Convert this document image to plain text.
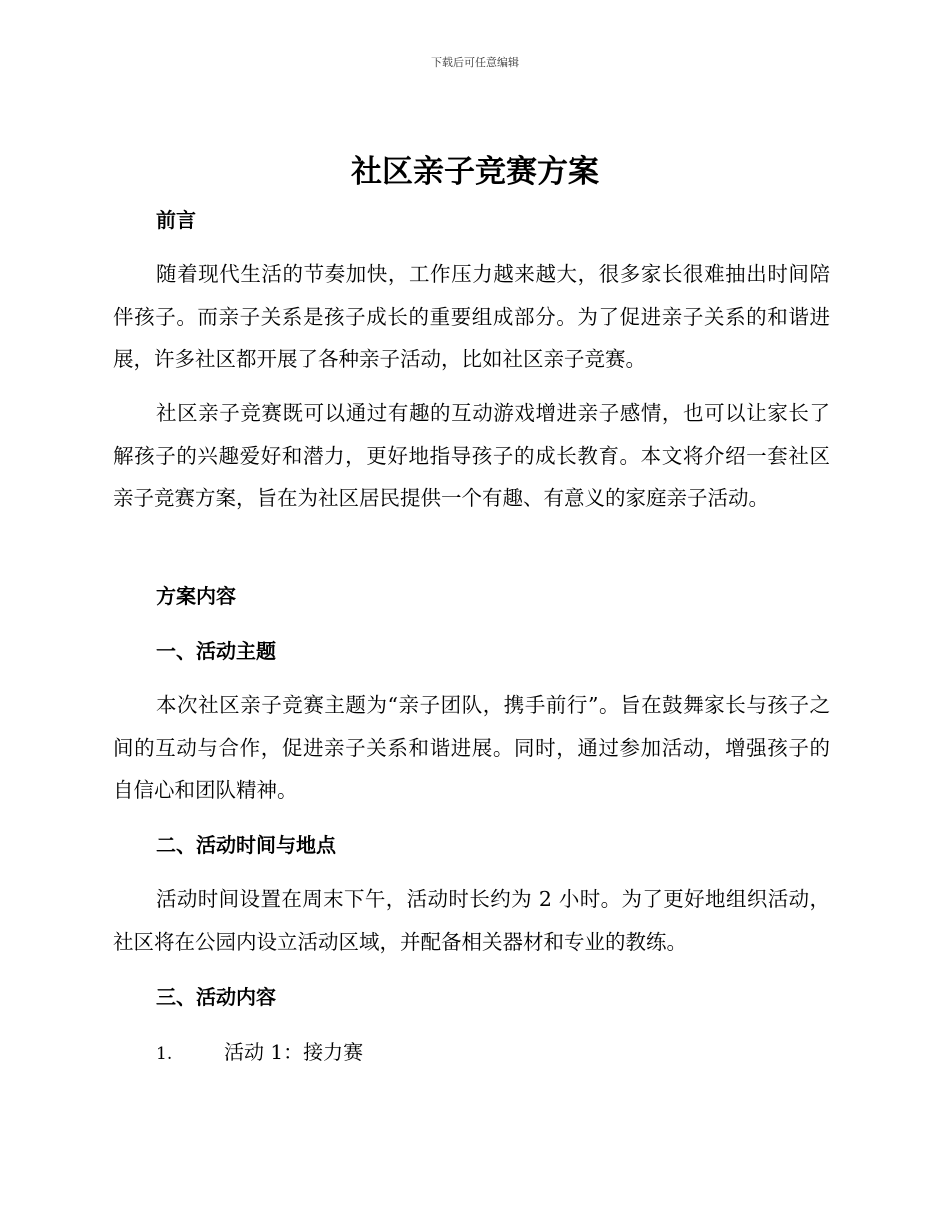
下载后可任意编辑
社区亲子竞赛方案
前言

随着现代生活的节奏加快，工作压力越来越大，很多家长很难抽出时间陪伴孩子。而亲子关系是孩子成长的重要组成部分。为了促进亲子关系的和谐进展，许多社区都开展了各种亲子活动，比如社区亲子竞赛。

社区亲子竞赛既可以通过有趣的互动游戏增进亲子感情，也可以让家长了解孩子的兴趣爱好和潜力，更好地指导孩子的成长教育。本文将介绍一套社区亲子竞赛方案，旨在为社区居民提供一个有趣、有意义的家庭亲子活动。

方案内容
一、活动主题

本次社区亲子竞赛主题为“亲子团队，携手前行”。旨在鼓舞家长与孩子之间的互动与合作，促进亲子关系和谐进展。同时，通过参加活动，增强孩子的自信心和团队精神。

二、活动时间与地点

活动时间设置在周末下午，活动时长约为 2 小时。为了更好地组织活动，社区将在公园内设立活动区域，并配备相关器材和专业的教练。

三、活动内容
1.	活动 1：接力赛
